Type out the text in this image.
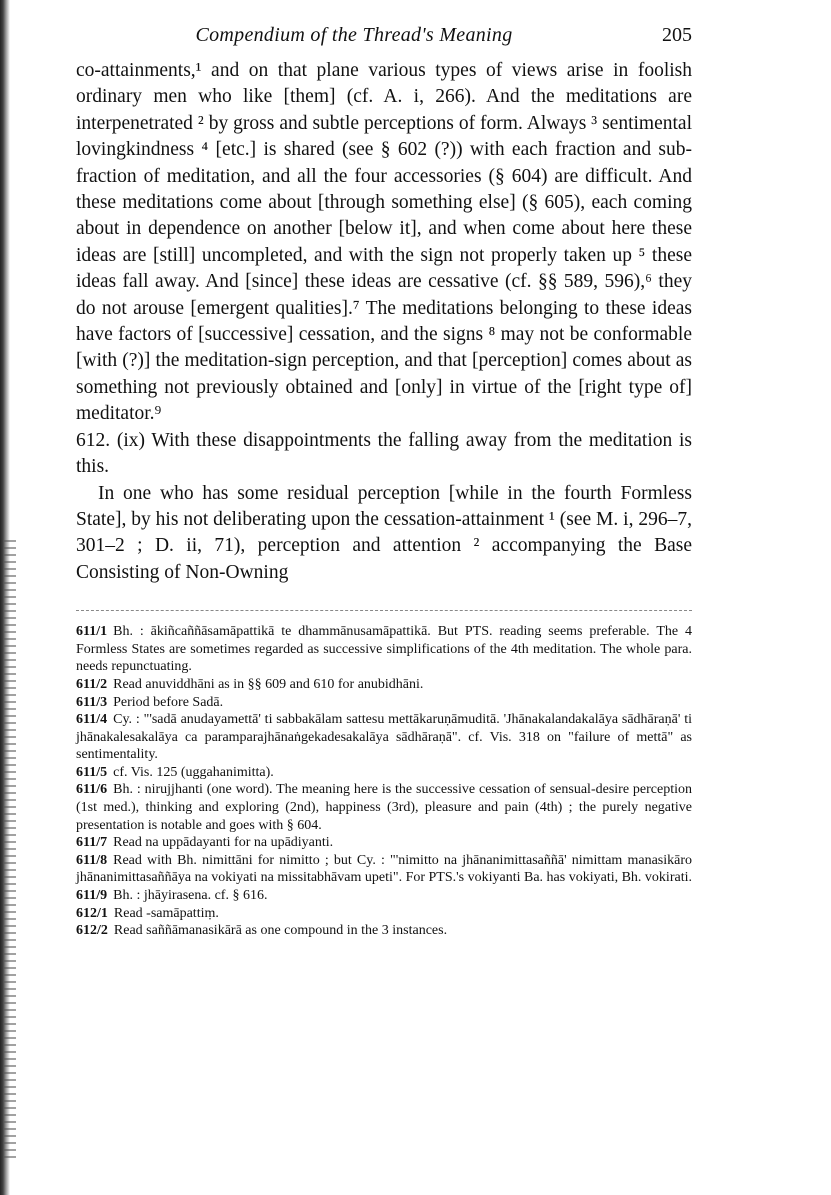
Compendium of the Thread's Meaning	205

co-attainments,¹ and on that plane various types of views arise in foolish ordinary men who like [them] (cf. A. i, 266). And the meditations are interpenetrated ² by gross and subtle perceptions of form. Always ³ sentimental lovingkindness ⁴ [etc.] is shared (see § 602 (?)) with each fraction and sub-fraction of meditation, and all the four accessories (§ 604) are difficult. And these meditations come about [through something else] (§ 605), each coming about in dependence on another [below it], and when come about here these ideas are [still] uncompleted, and with the sign not properly taken up ⁵ these ideas fall away. And [since] these ideas are cessative (cf. §§ 589, 596),⁶ they do not arouse [emergent qualities].⁷ The meditations belonging to these ideas have factors of [successive] cessation, and the signs ⁸ may not be conformable [with (?)] the meditation-sign perception, and that [perception] comes about as something not previously obtained and [only] in virtue of the [right type of] meditator.⁹

612. (ix) With these disappointments the falling away from the meditation is this.

In one who has some residual perception [while in the fourth Formless State], by his not deliberating upon the cessation-attainment ¹ (see M. i, 296–7, 301–2 ; D. ii, 71), perception and attention ² accompanying the Base Consisting of Non-Owning

611/1 Bh. : ākiñcaññāsamāpattikā te dhammānusamāpattikā. But PTS. reading seems preferable. The 4 Formless States are sometimes regarded as successive simplifications of the 4th meditation. The whole para. needs repunctuating.

611/2 Read anuviddhāni as in §§ 609 and 610 for anubidhāni.

611/3 Period before Sadā.

611/4 Cy. : "'sadā anudayamettā' ti sabbakālam sattesu mettākaruṇāmuditā. 'Jhānakalandakalāya sādhāraṇā' ti jhānakalesakalāya ca paramparajhānaṅgekadesakalāya sādhāraṇā". cf. Vis. 318 on "failure of mettā" as sentimentality.

611/5 cf. Vis. 125 (uggahanimitta).

611/6 Bh. : nirujjhanti (one word). The meaning here is the successive cessation of sensual-desire perception (1st med.), thinking and exploring (2nd), happiness (3rd), pleasure and pain (4th) ; the purely negative presentation is notable and goes with § 604.

611/7 Read na uppādayanti for na upādiyanti.

611/8 Read with Bh. nimittāni for nimitto ; but Cy. : "'nimitto na jhānanimittasaññā' nimittam manasikāro jhānanimittasaññāya na vokiyati na missitabhāvam upeti". For PTS.'s vokiyanti Ba. has vokiyati, Bh. vokirati.

611/9 Bh. : jhāyirasena. cf. § 616.

612/1 Read -samāpattiṃ.

612/2 Read saññāmanasikārā as one compound in the 3 instances.
